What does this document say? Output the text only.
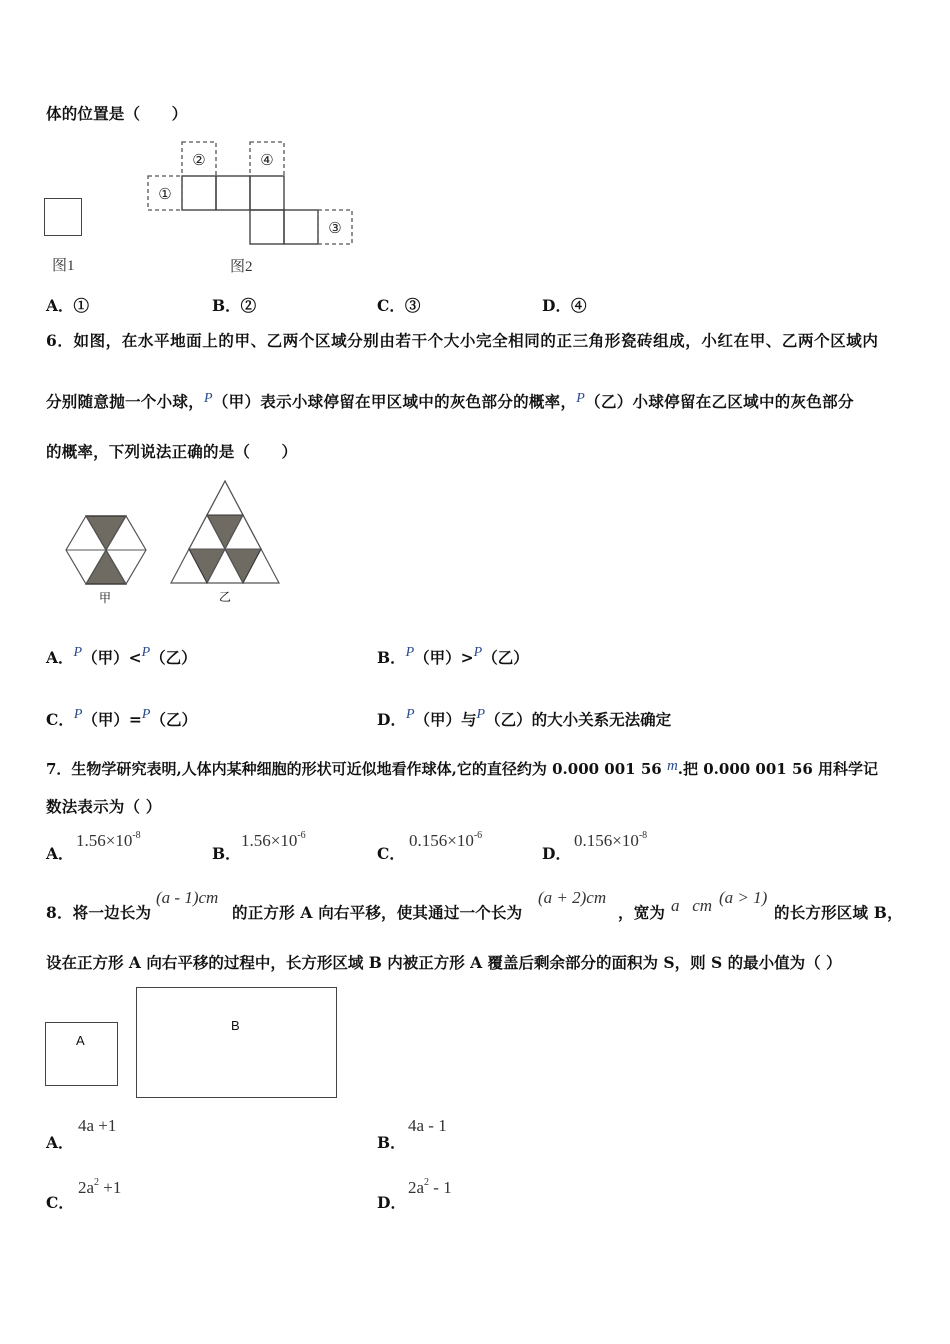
体的位置是（　　）
图1
①
②
③
④
图2
A．①	B．②	C．③	D．④
6．如图，在水平地面上的甲、乙两个区域分别由若干个大小完全相同的正三角形瓷砖组成，小红在甲、乙两个区域内
分别随意抛一个小球，P（甲）表示小球停留在甲区域中的灰色部分的概率，P（乙）小球停留在乙区域中的灰色部分
的概率，下列说法正确的是（　　）
甲	乙
A．P（甲）<P（乙）	B．P（甲）>P（乙）
C．P（甲）=P（乙）	D．P（甲）与P（乙）的大小关系无法确定
7．生物学研究表明,人体内某种细胞的形状可近似地看作球体,它的直径约为 0.000 001 56 m.把 0.000 001 56 用科学记
数法表示为（ ）
A．
$1.56\times 10^{-8}$
B．
$1.56\times 10^{-6}$
C．
$0.156\times 10^{-6}$
D．
$0.156\times 10^{-8}$
8．将一边长为
(a - 1)cm
的正方形 A 向右平移，使其通过一个长为
(a + 2)cm
，宽为 a   cm (a > 1)
的长方形区域 B，
设在正方形 A 向右平移的过程中，长方形区域 B 内被正方形 A 覆盖后剩余部分的面积为 S，则 S 的最小值为（ ）
A
B
A．
4a +1
B．
4a - 1
C．
$2a^2 +1$
D．
$2a^2 - 1$
